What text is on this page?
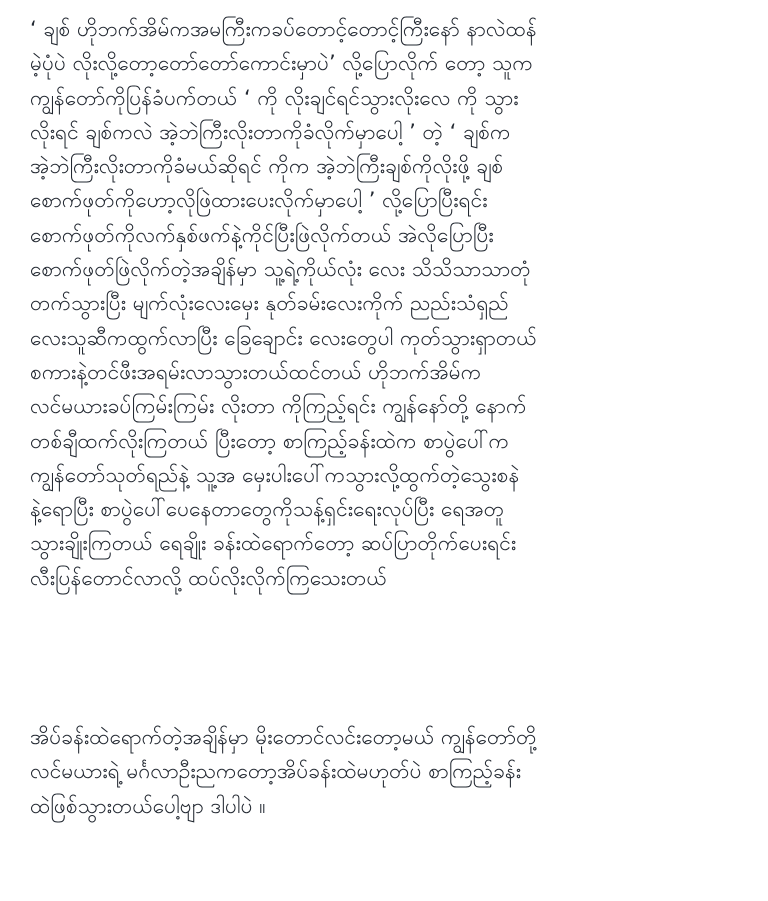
‘ ချစ် ဟိုဘက်အိမ်ကအမကြီးကခပ်တောင့်တောင့်ကြီးနော် နာလဲထန်
မဲ့ပုံပဲ လိုးလို့တော့တော်တော်ကောင်းမှာပဲ’ လို့ပြောလိုက် တော့ သူက
ကျွန်တော်ကိုပြန်ခံပက်တယ် ‘ ကို လိုးချင်ရင်သွားလိုးလေ ကို သွား
လိုးရင် ချစ်ကလဲ အဲ့ဘဲကြီးလိုးတာကိုခံလိုက်မှာပေါ့ ’ တဲ့ ‘ ချစ်က
အဲ့ဘဲကြီးလိုးတာကိုခံမယ်ဆိုရင် ကိုက အဲ့ဘဲကြီးချစ်ကိုလိုးဖို့ ချစ်
စောက်ဖုတ်ကိုဟော့လိုဖြဲထားပေးလိုက်မှာပေါ့ ’ လို့ပြောပြီးရင်း
စောက်ဖုတ်ကိုလက်နှစ်ဖက်နဲ့ကိုင်ပြီးဖြဲလိုက်တယ် အဲလိုပြောပြီး
စောက်ဖုတ်ဖြဲလိုက်တဲ့အချိန်မှာ သူ့ရဲ့ကိုယ်လုံး လေး သိသိသာသာတုံ
တက်သွားပြီး မျက်လုံးလေးမှေး နုတ်ခမ်းလေးကိုက် ညည်းသံရှည်
လေးသူဆီကထွက်လာပြီး ခြေချောင်း လေးတွေပါ ကုတ်သွားရှာတယ်
စကားနဲ့တင်ဖီးအရမ်းလာသွားတယ်ထင်တယ် ဟိုဘက်အိမ်က
လင်မယားခပ်ကြမ်းကြမ်း လိုးတာ ကိုကြည့်ရင်း ကျွန်နော်တို့ နောက်
တစ်ချီထက်လိုးကြတယ် ပြီးတော့ စာကြည့်ခန်းထဲက စာပွဲပေါ်က
ကျွန်တော်သုတ်ရည်နဲ့ သူ့အ မှေးပါးပေါ်ကသွားလို့ထွက်တဲ့သွေးစနဲ
နဲ့ရောပြီး စာပွဲပေါ်ပေနေတာတွေကိုသန့်ရှင်းရေးလုပ်ပြီး ရေအတူ
သွားချိုးကြတယ် ရေချိုး ခန်းထဲရောက်တော့ ဆပ်ပြာတိုက်ပေးရင်း
လီးပြန်တောင်လာလို့ ထပ်လိုးလိုက်ကြသေးတယ်
အိပ်ခန်းထဲရောက်တဲ့အချိန်မှာ မိုးတောင်လင်းတော့မယ် ကျွန်တော်တို့
လင်မယားရဲ့ မင်္ဂလာဦးညကတော့အိပ်ခန်းထဲမဟုတ်ပဲ စာကြည့်ခန်း
ထဲဖြစ်သွားတယ်ပေါ့ဗျာ ဒါပါပဲ ။
